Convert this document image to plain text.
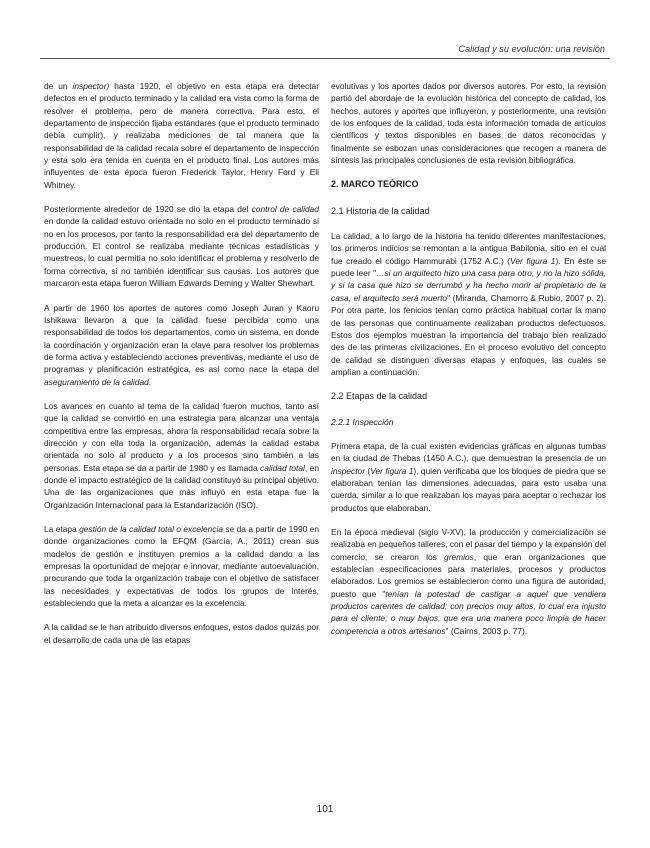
Calidad y su evolución: una revisión

de un inspector) hasta 1920, el objetivo en esta etapa era detectar defectos en el producto terminado y la calidad era vista como la forma de resolver el problema, pero de manera correctiva. Para esto, el departamento de inspección fijaba estándares (que el producto terminado debía cumplir), y realizaba mediciones de tal manera que la responsabilidad de la calidad recaía sobre el departamento de inspección y esta solo era tenida en cuenta en el producto final. Los autores más influyentes de esta época fueron Frederick Taylor, Henry Ford y Eli Whitney.

Posteriormente alrededor de 1920 se dio la etapa del control de calidad en donde la calidad estuvo orientada no solo en el producto terminado si no en los procesos, por tanto la responsabilidad era del departamento de producción. El control se realizaba mediante técnicas estadísticas y muestreos, lo cual permitía no solo identificar el problema y resolverlo de forma correctiva, si no también identificar sus causas. Los autores que marcaron esta etapa fueron William Edwards Deming y Walter Shewhart.

A partir de 1960 los aportes de autores como Joseph Juran y Kaoru Ishikawa llevaron a que la calidad fuese percibida como una responsabilidad de todos los departamentos, como un sistema, en donde la coordinación y organización eran la clave para resolver los problemas de forma activa y estableciendo acciones preventivas, mediante el uso de programas y planificación estratégica, es así como nace la etapa del aseguramiento de la calidad.

Los avances en cuanto al tema de la calidad fueron muchos, tanto así que la calidad se convirtió en una estrategia para alcanzar una ventaja competitiva entre las empresas, ahora la responsabilidad recaía sobre la dirección y con ella toda la organización, además la calidad estaba orientada no solo al producto y a los procesos sino también a las personas. Esta etapa se da a partir de 1980 y es llamada calidad total, en donde el impacto estratégico de la calidad constituyó su principal objetivo. Una de las organizaciones que más influyó en esta etapa fue la Organización Internacional para la Estandarización (ISO).

La etapa gestión de la calidad total o excelencia se da a partir de 1990 en donde organizaciones como la EFQM (García, A., 2011) crean sus modelos de gestión e instituyen premios a la calidad dando a las empresas la oportunidad de mejorar e innovar, mediante autoevaluación, procurando que toda la organización trabaje con el objetivo de satisfacer las necesidades y expectativas de todos los grupos de interés, estableciendo que la meta a alcanzar es la excelencia.

A la calidad se le han atribuido diversos enfoques, estos dados quizás por el desarrollo de cada una de las etapas

evolutivas y los aportes dados por diversos autores. Por esto, la revisión partió del abordaje de la evolución histórica del concepto de calidad, los hechos, autores y aportes que influyeron, y posteriormente, una revisión de los enfoques de la calidad, toda esta información tomada de artículos científicos y textos disponibles en bases de datos reconocidas y finalmente se esbozan unas consideraciones que recogen a manera de síntesis las principales conclusiones de esta revisión bibliográfica.

2. MARCO TEÓRICO
2.1 Historia de la calidad

La calidad, a lo largo de la historia ha tenido diferentes manifestaciones, los primeros indicios se remontan a la antigua Babilonia, sitio en el cual fue creado el código Hammurabi (1752 A.C.) (Ver figura 1). En éste se puede leer "…si un arquitecto hizo una casa para otro, y no la hizo sólida, y si la casa que hizo se derrumbó y ha hecho morir al propietario de la casa, el arquitecto será muerto" (Miranda, Chamorro & Rubio, 2007 p. 2). Por otra parte, los fenicios tenían como práctica habitual cortar la mano de las personas que continuamente realizaban productos defectuosos. Estos dos ejemplos muestran la importancia del trabajo bien realizado des de las primeras civilizaciones. En el proceso evolutivo del concepto de calidad se distinguen diversas etapas y enfoques, las cuales se amplían a continuación.

2.2 Etapas de la calidad
2.2.1 Inspección

Primera etapa, de la cual existen evidencias gráficas en algunas tumbas en la ciudad de Thebas (1450 A.C.), que demuestran la presencia de un inspector (Ver figura 1), quien verificaba que los bloques de piedra que se elaboraban tenían las dimensiones adecuadas, para esto usaba una cuerda, similar a lo que realizaban los mayas para aceptar o rechazar los productos que elaboraban.

En la época medieval (siglo V-XV), la producción y comercialización se realizaba en pequeños talleres, con el pasar del tiempo y la expansión del comercio, se crearon los gremios, que eran organizaciones que establecían especificaciones para materiales, procesos y productos elaborados. Los gremios se establecieron como una figura de autoridad, puesto que "tenían la potestad de castigar a aquel que vendiera productos carentes de calidad; con precios muy altos, lo cual era injusto para el cliente; o muy bajos, que era una manera poco limpia de hacer competencia a otros artesanos" (Cairns, 2003 p. 77).

101
